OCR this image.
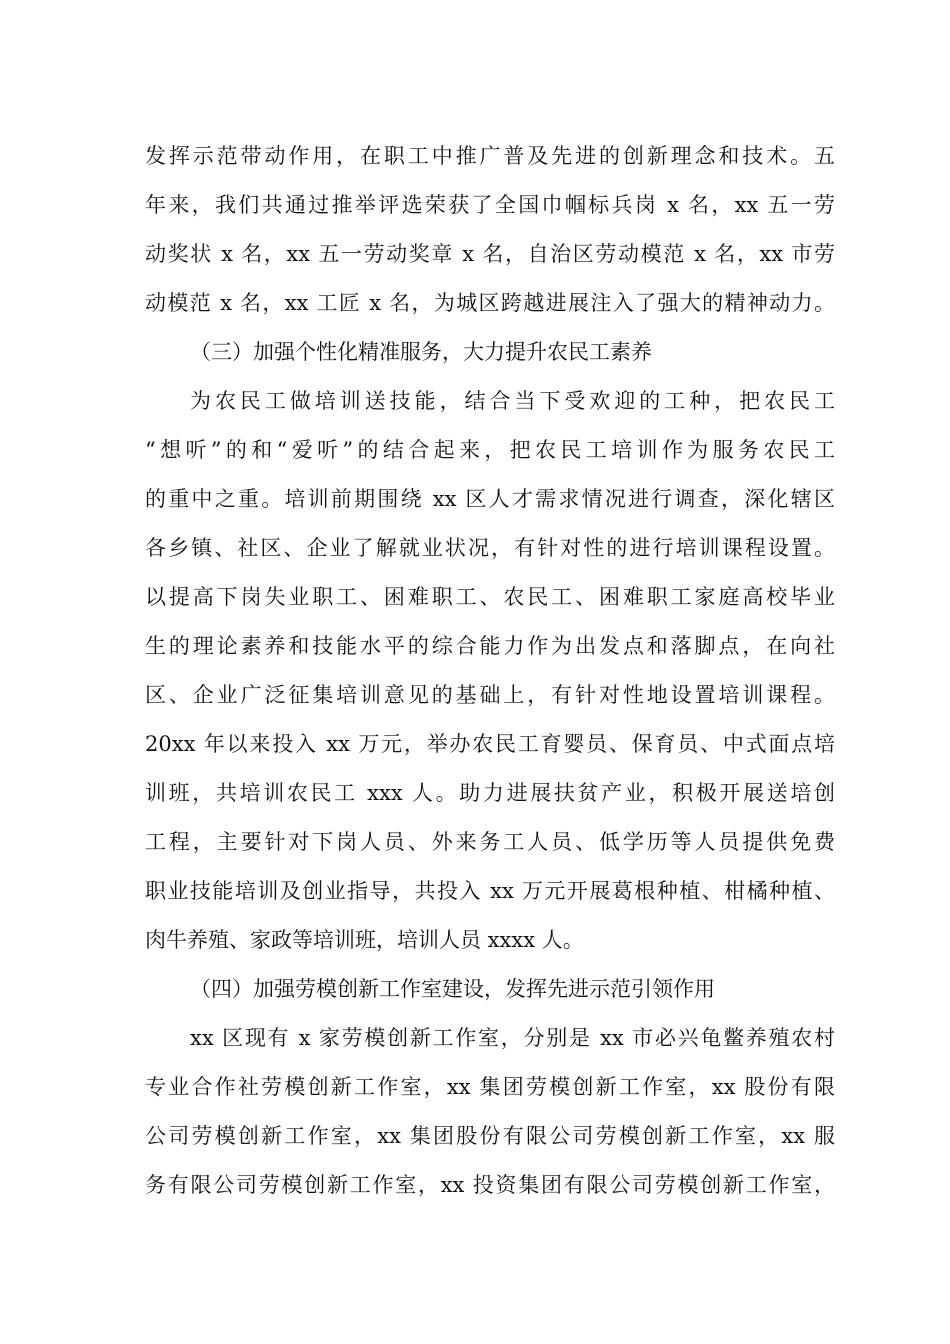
发挥示范带动作用，在职工中推广普及先进的创新理念和技术。五
年来，我们共通过推举评选荣获了全国巾帼标兵岗 x 名，xx 五一劳
动奖状 x 名，xx 五一劳动奖章 x 名，自治区劳动模范 x 名，xx 市劳
动模范 x 名，xx 工匠 x 名，为城区跨越进展注入了强大的精神动力。
（三）加强个性化精准服务，大力提升农民工素养
为农民工做培训送技能，结合当下受欢迎的工种，把农民工
“想听”的和“爱听”的结合起来，把农民工培训作为服务农民工
的重中之重。培训前期围绕 xx 区人才需求情况进行调查，深化辖区
各乡镇、社区、企业了解就业状况，有针对性的进行培训课程设置。
以提高下岗失业职工、困难职工、农民工、困难职工家庭高校毕业
生的理论素养和技能水平的综合能力作为出发点和落脚点，在向社
区、企业广泛征集培训意见的基础上，有针对性地设置培训课程。
20xx 年以来投入 xx 万元，举办农民工育婴员、保育员、中式面点培
训班，共培训农民工 xxx 人。助力进展扶贫产业，积极开展送培创
工程，主要针对下岗人员、外来务工人员、低学历等人员提供免费
职业技能培训及创业指导，共投入 xx 万元开展葛根种植、柑橘种植、
肉牛养殖、家政等培训班，培训人员 xxxx 人。
（四）加强劳模创新工作室建设，发挥先进示范引领作用
xx 区现有 x 家劳模创新工作室，分别是 xx 市必兴龟鳖养殖农村
专业合作社劳模创新工作室，xx 集团劳模创新工作室，xx 股份有限
公司劳模创新工作室，xx 集团股份有限公司劳模创新工作室，xx 服
务有限公司劳模创新工作室，xx 投资集团有限公司劳模创新工作室，
